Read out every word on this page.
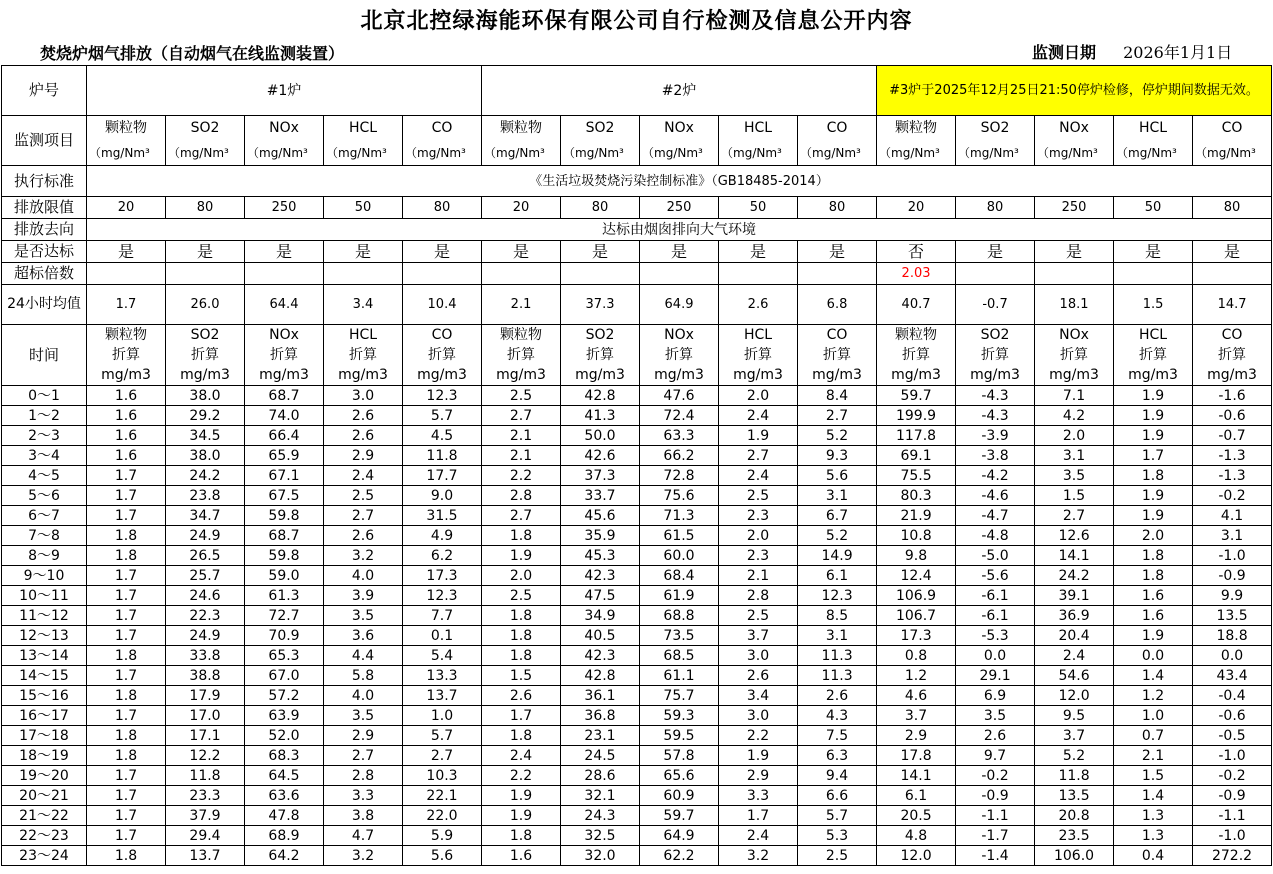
北京北控绿海能环保有限公司自行检测及信息公开内容
焚烧炉烟气排放（自动烟气在线监测装置）	监测日期 2026年1月1日
炉号	#1炉					#2炉					#3炉于2025年12月25日21:50停炉检修，停炉期间数据无效。				
监测项目	颗粒物	SO2	NOx	HCL	CO	颗粒物	SO2	NOx	HCL	CO	颗粒物	SO2	NOx	HCL	CO
	（mg/Nm³	（mg/Nm³	（mg/Nm³	（mg/Nm³	（mg/Nm³	（mg/Nm³	（mg/Nm³	（mg/Nm³	（mg/Nm³	（mg/Nm³	（mg/Nm³	（mg/Nm³	（mg/Nm³	（mg/Nm³	（mg/Nm³
执行标准	《生活垃圾焚烧污染控制标准》（GB18485-2014）														
排放限值	20	80	250	50	80	20	80	250	50	80	20	80	250	50	80
排放去向	达标由烟囱排向大气环境														
是否达标	是	是	是	是	是	是	是	是	是	是	否	是	是	是	是
超标倍数											2.03				
24小时均值	1.7	26.0	64.4	3.4	10.4	2.1	37.3	64.9	2.6	6.8	40.7	-0.7	18.1	1.5	14.7
时间	颗粒物	SO2	NOx	HCL	CO	颗粒物	SO2	NOx	HCL	CO	颗粒物	SO2	NOx	HCL	CO
	折算	折算	折算	折算	折算	折算	折算	折算	折算	折算	折算	折算	折算	折算	折算
	mg/m3	mg/m3	mg/m3	mg/m3	mg/m3	mg/m3	mg/m3	mg/m3	mg/m3	mg/m3	mg/m3	mg/m3	mg/m3	mg/m3	mg/m3
0～1	1.6	38.0	68.7	3.0	12.3	2.5	42.8	47.6	2.0	8.4	59.7	-4.3	7.1	1.9	-1.6
1～2	1.6	29.2	74.0	2.6	5.7	2.7	41.3	72.4	2.4	2.7	199.9	-4.3	4.2	1.9	-0.6
2～3	1.6	34.5	66.4	2.6	4.5	2.1	50.0	63.3	1.9	5.2	117.8	-3.9	2.0	1.9	-0.7
3～4	1.6	38.0	65.9	2.9	11.8	2.1	42.6	66.2	2.7	9.3	69.1	-3.8	3.1	1.7	-1.3
4～5	1.7	24.2	67.1	2.4	17.7	2.2	37.3	72.8	2.4	5.6	75.5	-4.2	3.5	1.8	-1.3
5～6	1.7	23.8	67.5	2.5	9.0	2.8	33.7	75.6	2.5	3.1	80.3	-4.6	1.5	1.9	-0.2
6～7	1.7	34.7	59.8	2.7	31.5	2.7	45.6	71.3	2.3	6.7	21.9	-4.7	2.7	1.9	4.1
7～8	1.8	24.9	68.7	2.6	4.9	1.8	35.9	61.5	2.0	5.2	10.8	-4.8	12.6	2.0	3.1
8～9	1.8	26.5	59.8	3.2	6.2	1.9	45.3	60.0	2.3	14.9	9.8	-5.0	14.1	1.8	-1.0
9～10	1.7	25.7	59.0	4.0	17.3	2.0	42.3	68.4	2.1	6.1	12.4	-5.6	24.2	1.8	-0.9
10～11	1.7	24.6	61.3	3.9	12.3	2.5	47.5	61.9	2.8	12.3	106.9	-6.1	39.1	1.6	9.9
11～12	1.7	22.3	72.7	3.5	7.7	1.8	34.9	68.8	2.5	8.5	106.7	-6.1	36.9	1.6	13.5
12～13	1.7	24.9	70.9	3.6	0.1	1.8	40.5	73.5	3.7	3.1	17.3	-5.3	20.4	1.9	18.8
13～14	1.8	33.8	65.3	4.4	5.4	1.8	42.3	68.5	3.0	11.3	0.8	0.0	2.4	0.0	0.0
14～15	1.7	38.8	67.0	5.8	13.3	1.5	42.8	61.1	2.6	11.3	1.2	29.1	54.6	1.4	43.4
15～16	1.8	17.9	57.2	4.0	13.7	2.6	36.1	75.7	3.4	2.6	4.6	6.9	12.0	1.2	-0.4
16～17	1.7	17.0	63.9	3.5	1.0	1.7	36.8	59.3	3.0	4.3	3.7	3.5	9.5	1.0	-0.6
17～18	1.8	17.1	52.0	2.9	5.7	1.8	23.1	59.5	2.2	7.5	2.9	2.6	3.7	0.7	-0.5
18～19	1.8	12.2	68.3	2.7	2.7	2.4	24.5	57.8	1.9	6.3	17.8	9.7	5.2	2.1	-1.0
19～20	1.7	11.8	64.5	2.8	10.3	2.2	28.6	65.6	2.9	9.4	14.1	-0.2	11.8	1.5	-0.2
20～21	1.7	23.3	63.6	3.3	22.1	1.9	32.1	60.9	3.3	6.6	6.1	-0.9	13.5	1.4	-0.9
21～22	1.7	37.9	47.8	3.8	22.0	1.9	24.3	59.7	1.7	5.7	20.5	-1.1	20.8	1.3	-1.1
22～23	1.7	29.4	68.9	4.7	5.9	1.8	32.5	64.9	2.4	5.3	4.8	-1.7	23.5	1.3	-1.0
23～24	1.8	13.7	64.2	3.2	5.6	1.6	32.0	62.2	3.2	2.5	12.0	-1.4	106.0	0.4	272.2
